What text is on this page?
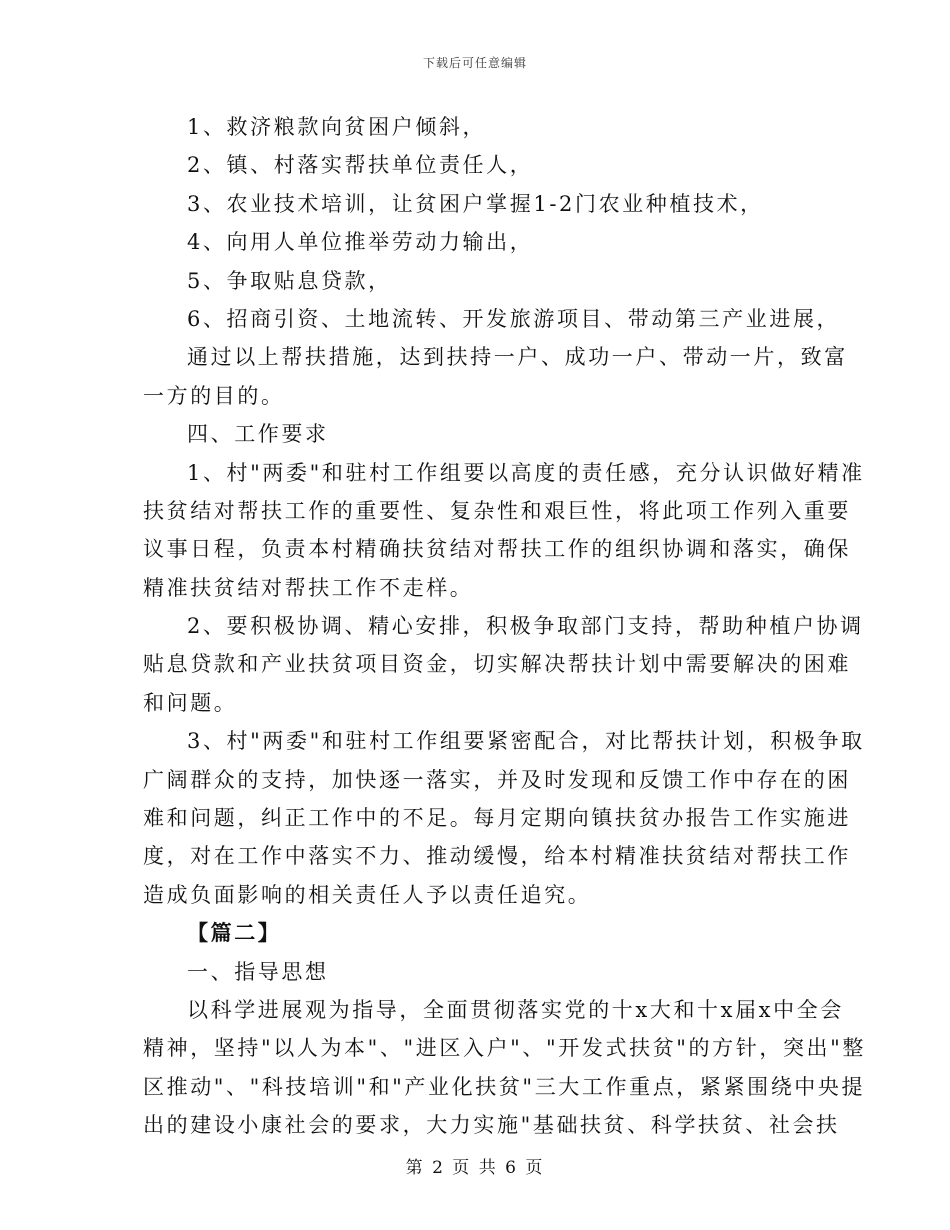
下载后可任意编辑
1、救济粮款向贫困户倾斜，
2、镇、村落实帮扶单位责任人，
3、农业技术培训，让贫困户掌握1-2门农业种植技术，
4、向用人单位推举劳动力输出，
5、争取贴息贷款，
6、招商引资、土地流转、开发旅游项目、带动第三产业进展，
通过以上帮扶措施，达到扶持一户、成功一户、带动一片，致富
一方的目的。
四、工作要求
1、村"两委"和驻村工作组要以高度的责任感，充分认识做好精准
扶贫结对帮扶工作的重要性、复杂性和艰巨性，将此项工作列入重要
议事日程，负责本村精确扶贫结对帮扶工作的组织协调和落实，确保
精准扶贫结对帮扶工作不走样。
2、要积极协调、精心安排，积极争取部门支持，帮助种植户协调
贴息贷款和产业扶贫项目资金，切实解决帮扶计划中需要解决的困难
和问题。
3、村"两委"和驻村工作组要紧密配合，对比帮扶计划，积极争取
广阔群众的支持，加快逐一落实，并及时发现和反馈工作中存在的困
难和问题，纠正工作中的不足。每月定期向镇扶贫办报告工作实施进
度，对在工作中落实不力、推动缓慢，给本村精准扶贫结对帮扶工作
造成负面影响的相关责任人予以责任追究。
【篇二】
一、指导思想
以科学进展观为指导，全面贯彻落实党的十x大和十x届x中全会
精神，坚持"以人为本"、"进区入户"、"开发式扶贫"的方针，突出"整
区推动"、"科技培训"和"产业化扶贫"三大工作重点，紧紧围绕中央提
出的建设小康社会的要求，大力实施"基础扶贫、科学扶贫、社会扶
第 2 页 共 6 页
